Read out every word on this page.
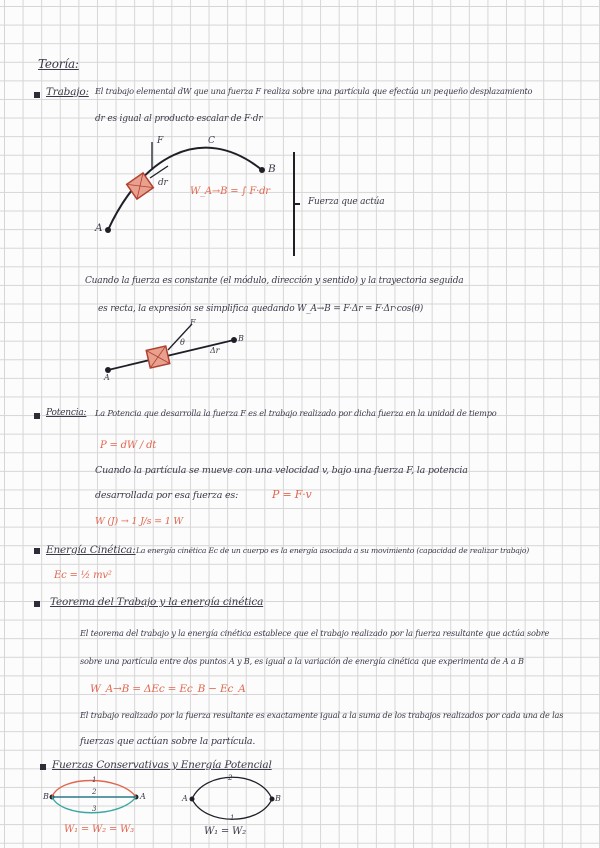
Teoría:
Trabajo: El trabajo elemental dW que una fuerza F realiza sobre una partícula que efectúa un pequeño desplazamiento
dr es igual al producto escalar de F·dr
A
B
C
F
dr
W_A→B = ∫ F·dr
Fuerza que actúa
Cuando la fuerza es constante (el módulo, dirección y sentido) y la trayectoria seguida
es recta, la expresión se simplifica quedando W_A→B = F·Δr = F·Δr·cos(θ)
A
B
F
θ
Δr
Potencia: La Potencia que desarrolla la fuerza F es el trabajo realizado por dicha fuerza en la unidad de tiempo
P = dW / dt
Cuando la partícula se mueve con una velocidad v, bajo una fuerza F, la potencia
desarrollada por esa fuerza es:	P = F·v
W (J) → 1 J/s = 1 W
Energía Cinética: La energía cinética Ec de un cuerpo es la energía asociada a su movimiento (capacidad de realizar trabajo)
Ec = ½ mv²
Teorema del Trabajo y la energía cinética
El teorema del trabajo y la energía cinética establece que el trabajo realizado por la fuerza resultante que actúa sobre
sobre una partícula entre dos puntos A y B, es igual a la variación de energía cinética que experimenta de A a B
W_A→B = ΔEc = Ec_B − Ec_A
El trabajo realizado por la fuerza resultante es exactamente igual a la suma de los trabajos realizados por cada una de las
fuerzas que actúan sobre la partícula.
Fuerzas Conservativas y Energía Potencial
B	A
1
2
3
W₁ = W₂ = W₃
A	B
2
1
W₁ = W₂
